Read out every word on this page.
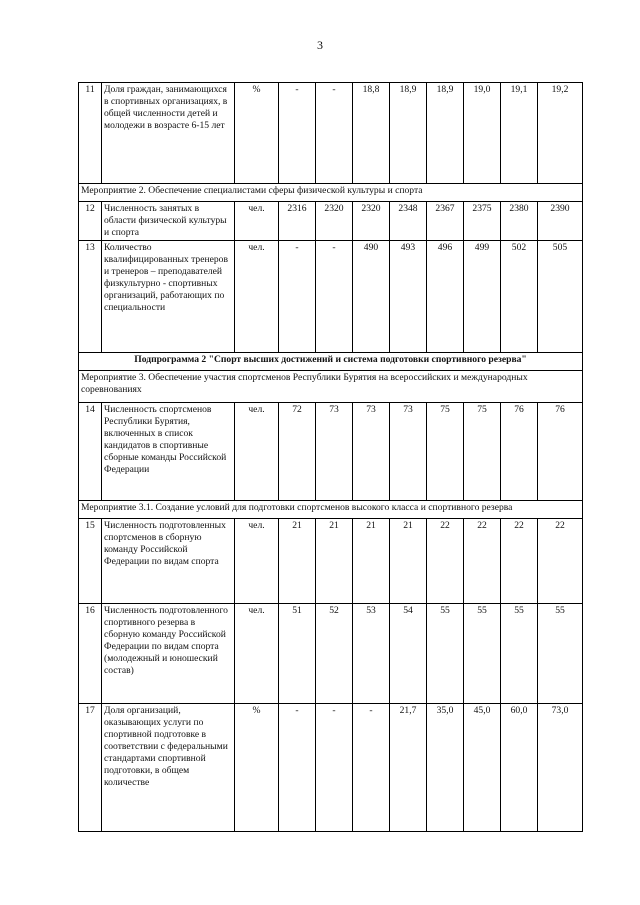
3
11	Доля граждан, занимающихся в спортивных организациях, в общей численности детей и молодежи в возрасте 6-15 лет	%	-	-	18,8	18,9	18,9	19,0	19,1	19,2
Мероприятие 2. Обеспечение специалистами сферы физической культуры и спорта										
12	Численность занятых в области физической культуры и спорта	чел.	2316	2320	2320	2348	2367	2375	2380	2390
13	Количество квалифицированных тренеров и тренеров – преподавателей физкультурно - спортивных организаций, работающих по специальности	чел.	-	-	490	493	496	499	502	505
Подпрограмма 2 "Спорт высших достижений и система подготовки спортивного резерва"										
Мероприятие 3. Обеспечение участия спортсменов Республики Бурятия на всероссийских и международных соревнованиях										
14	Численность спортсменов Республики Бурятия, включенных в список кандидатов в спортивные сборные команды Российской Федерации	чел.	72	73	73	73	75	75	76	76
Мероприятие 3.1. Создание условий для подготовки спортсменов высокого класса и спортивного резерва										
15	Численность подготовленных спортсменов в сборную команду Российской Федерации по видам спорта	чел.	21	21	21	21	22	22	22	22
16	Численность подготовленного спортивного резерва в сборную команду Российской Федерации по видам спорта (молодежный и юношеский состав)	чел.	51	52	53	54	55	55	55	55
17	Доля организаций, оказывающих услуги по спортивной подготовке в соответствии с федеральными стандартами спортивной подготовки, в общем количестве	%	-	-	-	21,7	35,0	45,0	60,0	73,0
